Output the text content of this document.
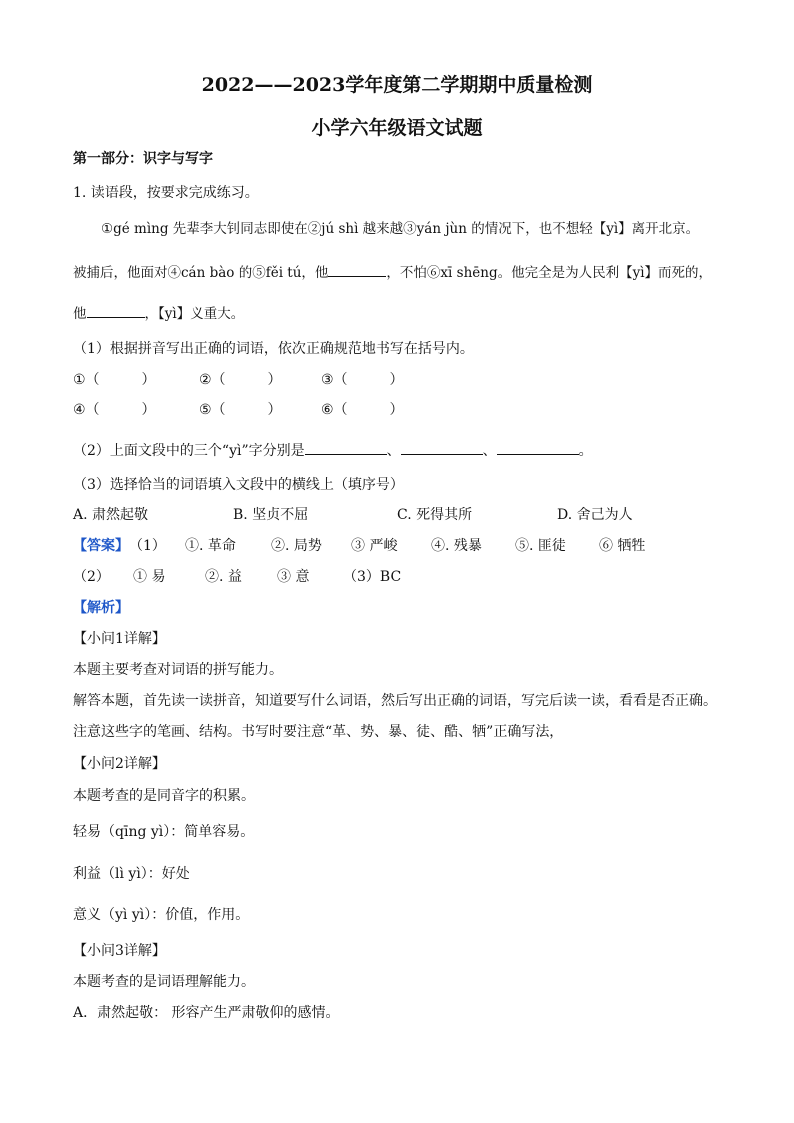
2022——2023学年度第二学期期中质量检测
小学六年级语文试题
第一部分：识字与写字
1. 读语段，按要求完成练习。
①gé mìng 先辈李大钊同志即使在②jú shì 越来越③yán jùn 的情况下，也不想轻【yì】离开北京。
被捕后，他面对④cán bào 的⑤fěi tú，他	，不怕⑥xī shēng。他完全是为人民利【yì】而死的，
他	，【yì】义重大。
（1）根据拼音写出正确的词语，依次正确规范地书写在括号内。
①（　　　）	②（　　　）	③（　　　）
④（　　　）	⑤（　　　）	⑥（　　　）
（2）上面文段中的三个“yì”字分别是	、	、	。
（3）选择恰当的词语填入文段中的横线上（填序号）
A. 肃然起敬	B. 坚贞不屈	C. 死得其所	D. 舍己为人
【答案】（1） ①. 革命	②. 局势 ③ 严峻 ④. 残暴 ⑤. 匪徒 ⑥ 牺牲
（2） ① 易	②. 益	③ 意 （3）BC
【解析】
【小问1详解】
本题主要考查对词语的拼写能力。
解答本题，首先读一读拼音，知道要写什么词语，然后写出正确的词语，写完后读一读，看看是否正确。
注意这些字的笔画、结构。书写时要注意“革、势、暴、徒、酷、牺”正确写法，
【小问2详解】
本题考查的是同音字的积累。
轻易（qīng yì）：简单容易。
利益（lì yì）：好处
意义（yì yì）：价值，作用。
【小问3详解】
本题考查的是词语理解能力。
A．肃然起敬： 形容产生严肃敬仰的感情。
